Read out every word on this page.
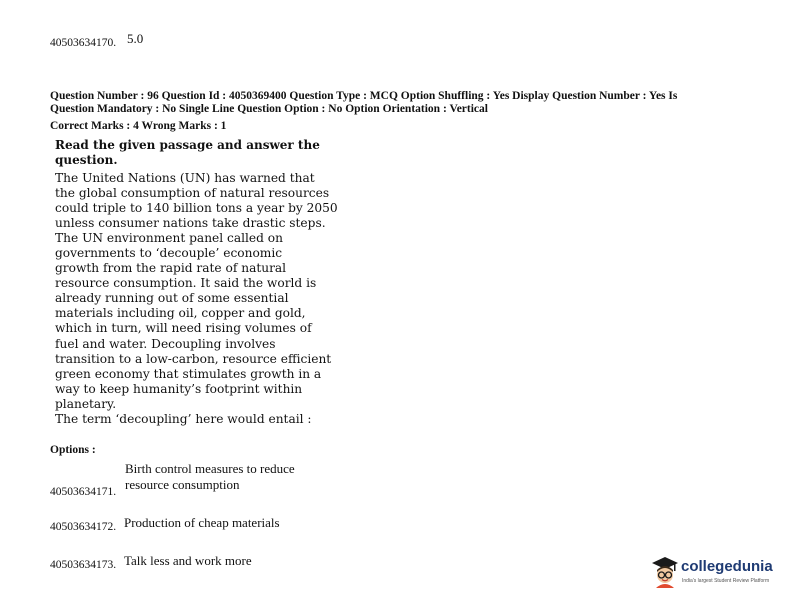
40503634170. 5.0
Question Number : 96 Question Id : 4050369400 Question Type : MCQ Option Shuffling : Yes Display Question Number : Yes Is
Question Mandatory : No Single Line Question Option : No Option Orientation : Vertical
Correct Marks : 4 Wrong Marks : 1
Read the given passage and answer the
question.
The United Nations (UN) has warned that
the global consumption of natural resources
could triple to 140 billion tons a year by 2050
unless consumer nations take drastic steps.
The UN environment panel called on
governments to ‘decouple’ economic
growth from the rapid rate of natural
resource consumption. It said the world is
already running out of some essential
materials including oil, copper and gold,
which in turn, will need rising volumes of
fuel and water. Decoupling involves
transition to a low-carbon, resource efficient
green economy that stimulates growth in a
way to keep humanity’s footprint within
planetary.
The term ‘decoupling’ here would entail :
Options :
Birth control measures to reduce
resource consumption
40503634171.
40503634172. Production of cheap materials
40503634173. Talk less and work more	collegedunia
India's largest Student Review Platform
